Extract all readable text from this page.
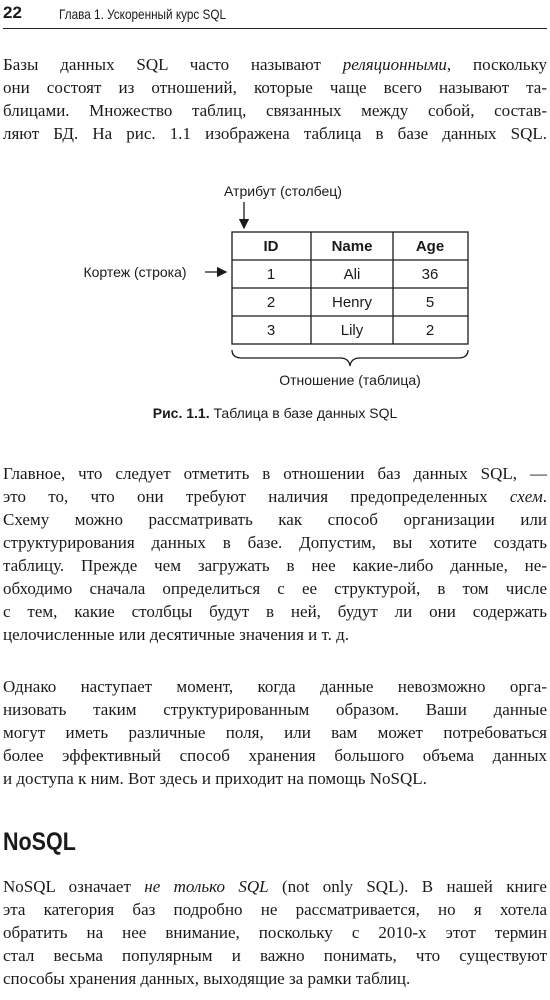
22	Глава 1. Ускоренный курс SQL
Базы данных SQL часто называют реляционными, поскольку
они состоят из отношений, которые чаще всего называют та-
блицами. Множество таблиц, связанных между собой, состав-
ляют БД. На рис. 1.1 изображена таблица в базе данных SQL.
Атрибут (столбец)
Кортеж (строка)
ID	Name	Age
1	Ali	36
2	Henry	5
3	Lily	2
Отношение (таблица)
Рис. 1.1. Таблица в базе данных SQL
Главное, что следует отметить в отношении баз данных SQL, —
это то, что они требуют наличия предопределенных схем.
Схему можно рассматривать как способ организации или
структурирования данных в базе. Допустим, вы хотите создать
таблицу. Прежде чем загружать в нее какие-либо данные, не-
обходимо сначала определиться с ее структурой, в том числе
с тем, какие столбцы будут в ней, будут ли они содержать
целочисленные или десятичные значения и т. д.
Однако наступает момент, когда данные невозможно орга-
низовать таким структурированным образом. Ваши данные
могут иметь различные поля, или вам может потребоваться
более эффективный способ хранения большого объема данных
и доступа к ним. Вот здесь и приходит на помощь NoSQL.
NoSQL
NoSQL означает не только SQL (not only SQL). В нашей книге
эта категория баз подробно не рассматривается, но я хотела
обратить на нее внимание, поскольку с 2010-х этот термин
стал весьма популярным и важно понимать, что существуют
способы хранения данных, выходящие за рамки таблиц.
